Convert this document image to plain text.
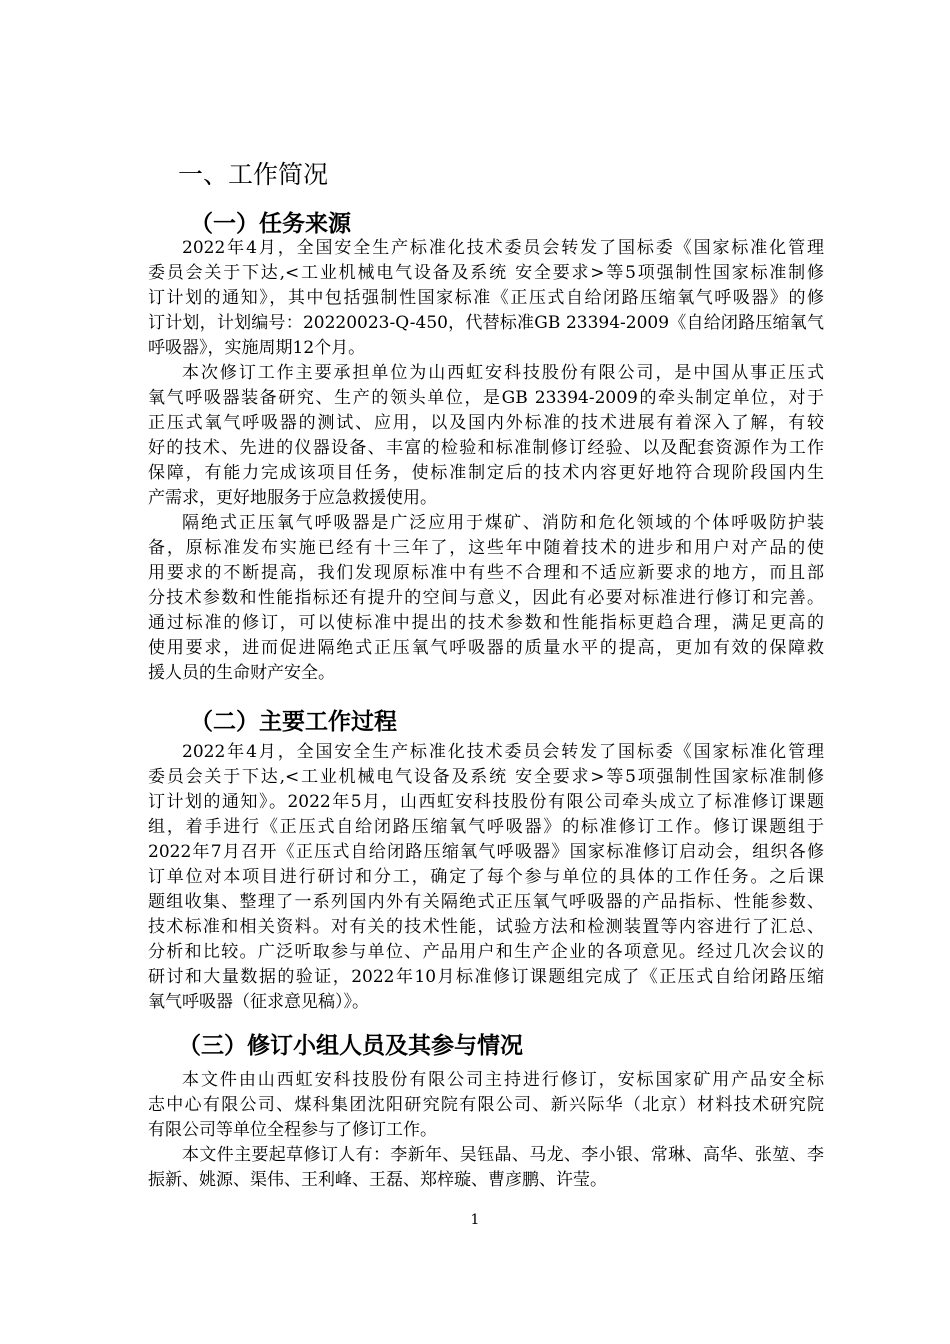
一、工作简况
（一）任务来源
2022年4月，全国安全生产标准化技术委员会转发了国标委《国家标准化管理
委员会关于下达,<工业机械电气设备及系统 安全要求>等5项强制性国家标准制修
订计划的通知》，其中包括强制性国家标准《正压式自给闭路压缩氧气呼吸器》的修
订计划，计划编号：20220023-Q-450，代替标准GB 23394-2009《自给闭路压缩氧气
呼吸器》，实施周期12个月。
本次修订工作主要承担单位为山西虹安科技股份有限公司，是中国从事正压式
氧气呼吸器装备研究、生产的领头单位，是GB 23394-2009的牵头制定单位，对于
正压式氧气呼吸器的测试、应用，以及国内外标准的技术进展有着深入了解，有较
好的技术、先进的仪器设备、丰富的检验和标准制修订经验、以及配套资源作为工作
保障，有能力完成该项目任务，使标准制定后的技术内容更好地符合现阶段国内生
产需求，更好地服务于应急救援使用。
隔绝式正压氧气呼吸器是广泛应用于煤矿、消防和危化领域的个体呼吸防护装
备，原标准发布实施已经有十三年了，这些年中随着技术的进步和用户对产品的使
用要求的不断提高，我们发现原标准中有些不合理和不适应新要求的地方，而且部
分技术参数和性能指标还有提升的空间与意义，因此有必要对标准进行修订和完善。
通过标准的修订，可以使标准中提出的技术参数和性能指标更趋合理，满足更高的
使用要求，进而促进隔绝式正压氧气呼吸器的质量水平的提高，更加有效的保障救
援人员的生命财产安全。
（二）主要工作过程
2022年4月，全国安全生产标准化技术委员会转发了国标委《国家标准化管理
委员会关于下达,<工业机械电气设备及系统 安全要求>等5项强制性国家标准制修
订计划的通知》。2022年5月，山西虹安科技股份有限公司牵头成立了标准修订课题
组，着手进行《正压式自给闭路压缩氧气呼吸器》的标准修订工作。修订课题组于
2022年7月召开《正压式自给闭路压缩氧气呼吸器》国家标准修订启动会，组织各修
订单位对本项目进行研讨和分工，确定了每个参与单位的具体的工作任务。之后课
题组收集、整理了一系列国内外有关隔绝式正压氧气呼吸器的产品指标、性能参数、
技术标准和相关资料。对有关的技术性能，试验方法和检测装置等内容进行了汇总、
分析和比较。广泛听取参与单位、产品用户和生产企业的各项意见。经过几次会议的
研讨和大量数据的验证，2022年10月标准修订课题组完成了《正压式自给闭路压缩
氧气呼吸器（征求意见稿）》。
（三）修订小组人员及其参与情况
本文件由山西虹安科技股份有限公司主持进行修订，安标国家矿用产品安全标
志中心有限公司、煤科集团沈阳研究院有限公司、新兴际华（北京）材料技术研究院
有限公司等单位全程参与了修订工作。
本文件主要起草修订人有：李新年、吴钰晶、马龙、李小银、常琳、高华、张堃、李
振新、姚源、渠伟、王利峰、王磊、郑梓璇、曹彦鹏、许莹。
1
